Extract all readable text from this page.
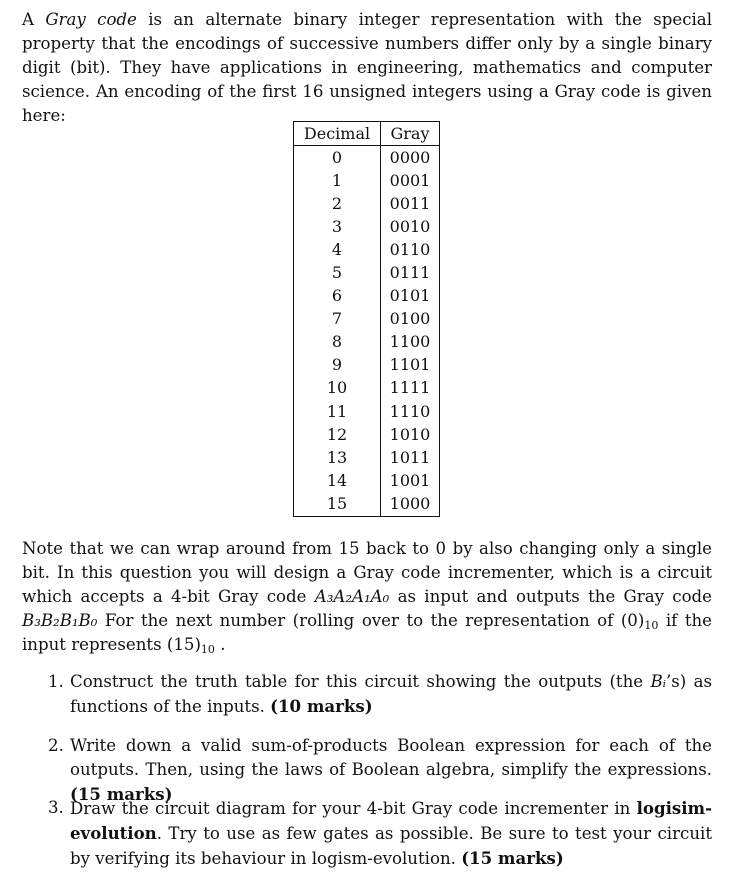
A Gray code is an alternate binary integer representation with the special property that the encodings of successive numbers differ only by a single binary digit (bit). They have applications in engineering, mathematics and computer science. An encoding of the first 16 unsigned integers using a Gray code is given here:

Decimal	Gray
0	0000
1	0001
2	0011
3	0010
4	0110
5	0111
6	0101
7	0100
8	1100
9	1101
10	1111
11	1110
12	1010
13	1011
14	1001
15	1000

Note that we can wrap around from 15 back to 0 by also changing only a single bit. In this question you will design a Gray code incrementer, which is a circuit which accepts a 4-bit Gray code A₃A₂A₁A₀ as input and outputs the Gray code B₃B₂B₁B₀ For the next number (rolling over to the representation of $(0)_{10}$ if the input represents $(15)_{10}$ .

1. Construct the truth table for this circuit showing the outputs (the Bᵢ’s) as functions of the inputs. (10 marks)
2. Write down a valid sum-of-products Boolean expression for each of the outputs. Then, using the laws of Boolean algebra, simplify the expressions. (15 marks)
3. Draw the circuit diagram for your 4-bit Gray code incrementer in logisim-evolution. Try to use as few gates as possible. Be sure to test your circuit by verifying its behaviour in logism-evolution. (15 marks)
